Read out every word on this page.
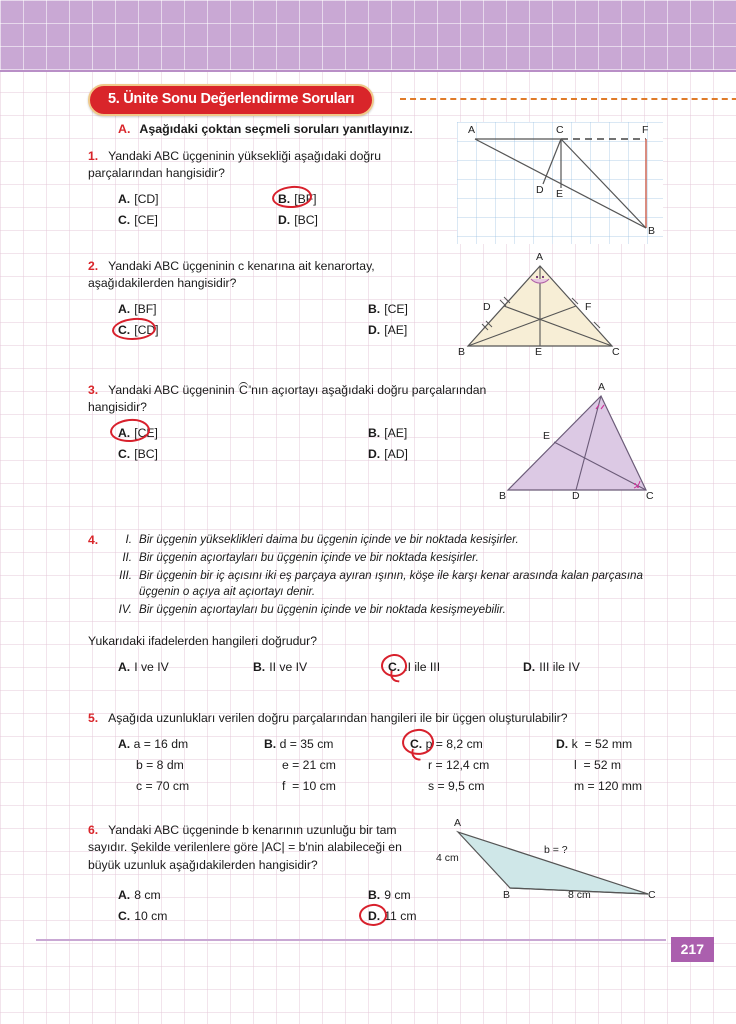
5. Ünite Sonu Değerlendirme Soruları
A. Aşağıdaki çoktan seçmeli soruları yanıtlayınız.
1. Yandaki ABC üçgeninin yüksekliği aşağıdaki doğru parçalarından hangisidir?
A. [CD]	B. [BF]
C. [CE]	D. [BC]
A	C	F
D E
B
2. Yandaki ABC üçgeninin c kenarına ait kenarortay, aşağıdakilerden hangisidir?
A. [BF]	B. [CE]
C. [CD]	D. [AE]
A
D	F
B	E	C
3. Yandaki ABC üçgeninin C'nın açıortayı aşağıdaki doğru parçalarından hangisidir?
A. [CE]	B. [AE]
C. [BC]	D. [AD]
A
E
B	D	C
4.	I. Bir üçgenin yükseklikleri daima bu üçgenin içinde ve bir noktada kesişirler.
II. Bir üçgenin açıortayları bu üçgenin içinde ve bir noktada kesişirler.
III. Bir üçgenin bir iç açısını iki eş parçaya ayıran ışının, köşe ile karşı kenar arasında kalan parçasına üçgenin o açıya ait açıortayı denir.
IV. Bir üçgenin açıortayları bu üçgenin içinde ve bir noktada kesişmeyebilir.
Yukarıdaki ifadelerden hangileri doğrudur?
A. I ve IV	B. II ve IV	C. II ile III	D. III ile IV
5. Aşağıda uzunlukları verilen doğru parçalarından hangileri ile bir üçgen oluşturulabilir?
A. a = 16 dm
b = 8 dm
c = 70 cm
B. d = 35 cm
e = 21 cm
f  = 10 cm
C. p = 8,2 cm
r = 12,4 cm
s = 9,5 cm
D. k  = 52 mm
l  = 52 m
m = 120 mm
6. Yandaki ABC üçgeninde b kenarının uzunluğu bir tam sayıdır. Şekilde verilenlere göre |AC| = b'nin alabileceği en büyük uzunluk aşağıdakilerden hangisidir?
A. 8 cm	B. 9 cm
C. 10 cm	D. 11 cm
A
B	C
4 cm
8 cm
b = ?
217
